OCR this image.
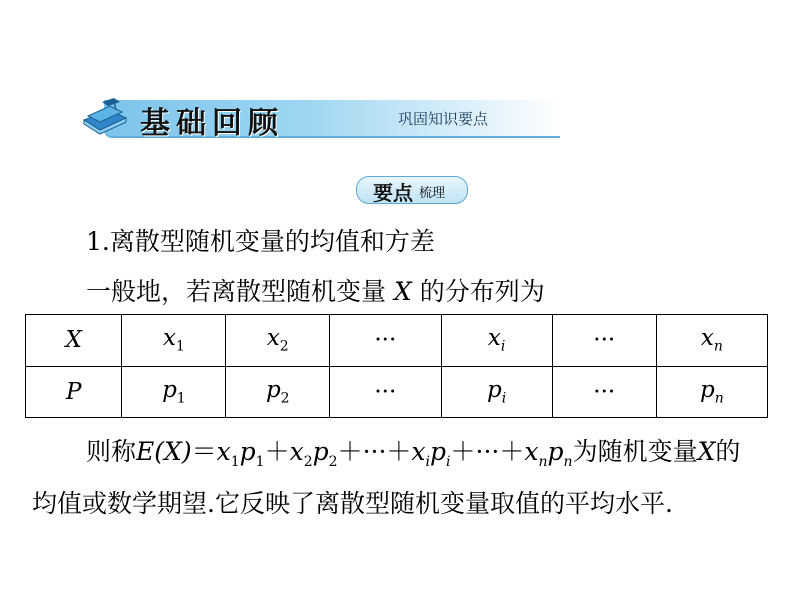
基础回顾	巩固知识要点
要点 梳理
1.离散型随机变量的均值和方差
一般地，若离散型随机变量 X 的分布列为
X	$x_1$	$x_2$	···	$x_i$	···	$x_n$
P	$p_1$	$p_2$	···	$p_i$	···	$p_n$
则称$E(X)=x_1p_1+x_2p_2+\cdot\cdot\cdot+x_ip_i+\cdot\cdot\cdot+x_np_n$为随机变量X的
均值或数学期望.它反映了离散型随机变量取值的平均水平.
